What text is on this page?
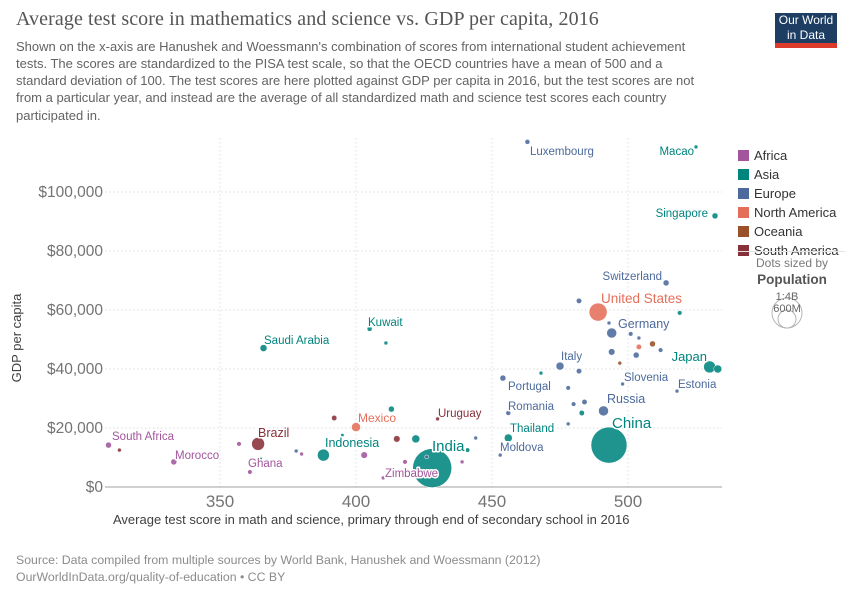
$0
$20,000
$40,000
$60,000
$80,000
$100,000
350	400	450	500
Luxembourg	Macao
Singapore
Switzerland
United States
Kuwait
Saudi Arabia
Germany
Italy	Japan
Slovenia
Estonia
Portugal
Romania
Russia
Uruguay
Mexico	China
Thailand
Moldova
Brazil
South Africa
Morocco
Ghana
Indonesia	India
Zimbabwe
Average test score in math and science, primary through end of secondary school in 2016
GDP per capita
Average test score in mathematics and science vs. GDP per capita, 2016
Shown on the x-axis are Hanushek and Woessmann's combination of scores from international student achievement tests. The scores are standardized to the PISA test scale, so that the OECD countries have a mean of 500 and a standard deviation of 100. The test scores are here plotted against GDP per capita in 2016, but the test scores are not from a particular year, and instead are the average of all standardized math and science test scores each country participated in.
Our World
in Data
Africa
Asia
Europe
North America
Oceania
South America
1:4B
600M
Dots sized by
Population
Source: Data compiled from multiple sources by World Bank, Hanushek and Woessmann (2012)
OurWorldInData.org/quality-of-education • CC BY
